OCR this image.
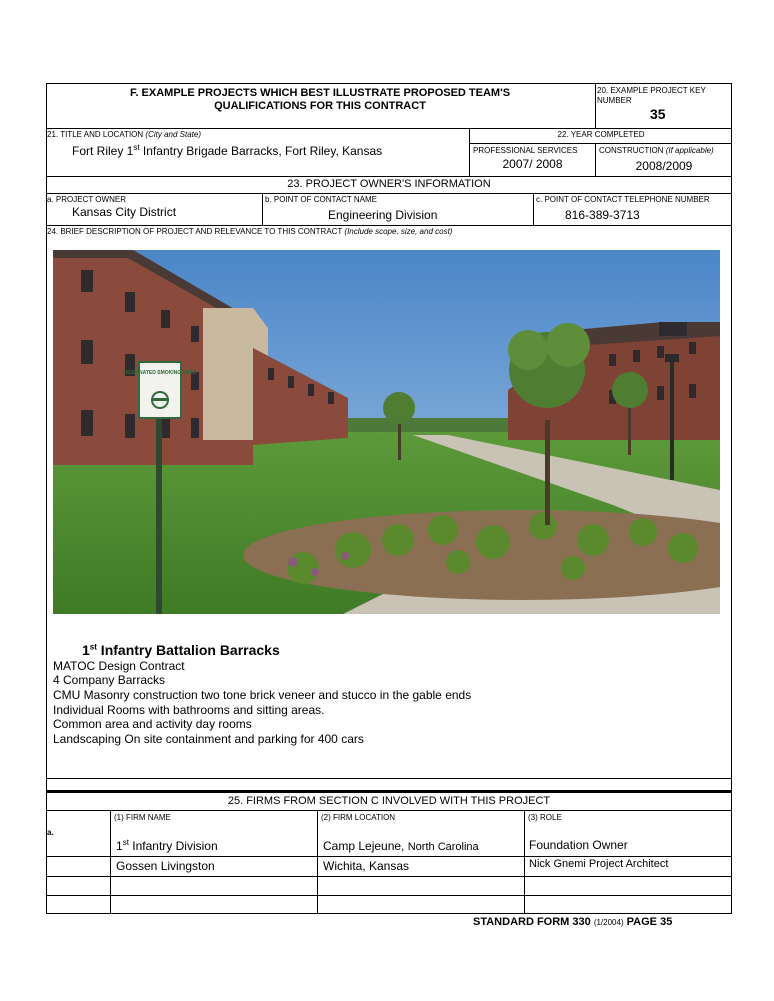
F. EXAMPLE PROJECTS WHICH BEST ILLUSTRATE PROPOSED TEAM'S
QUALIFICATIONS FOR THIS CONTRACT
20. EXAMPLE PROJECT KEY
NUMBER
35
21. TITLE AND LOCATION (City and State)
Fort Riley 1st Infantry Brigade Barracks, Fort Riley, Kansas
22. YEAR COMPLETED
PROFESSIONAL SERVICES
2007/ 2008
CONSTRUCTION (If applicable)
2008/2009
23. PROJECT OWNER'S INFORMATION
a. PROJECT OWNER
Kansas City District
b. POINT OF CONTACT NAME
Engineering Division
c. POINT OF CONTACT TELEPHONE NUMBER
816-389-3713
24. BRIEF DESCRIPTION OF PROJECT AND RELEVANCE TO THIS CONTRACT (Include scope, size, and cost)
DESIGNATED SMOKING AREA
1st Infantry Battalion Barracks
MATOC Design Contract
4 Company Barracks
CMU Masonry construction two tone brick veneer and stucco in the gable ends
Individual Rooms with bathrooms and sitting areas.
Common area and activity day rooms
Landscaping On site containment and parking for 400 cars
25. FIRMS FROM SECTION C INVOLVED WITH THIS PROJECT
(1) FIRM NAME	(2) FIRM LOCATION	(3) ROLE
a.
1st Infantry Division	Camp Lejeune, North Carolina	Foundation Owner
Gossen Livingston	Wichita, Kansas	Nick Gnemi Project Architect
STANDARD FORM 330 (1/2004) PAGE 35
